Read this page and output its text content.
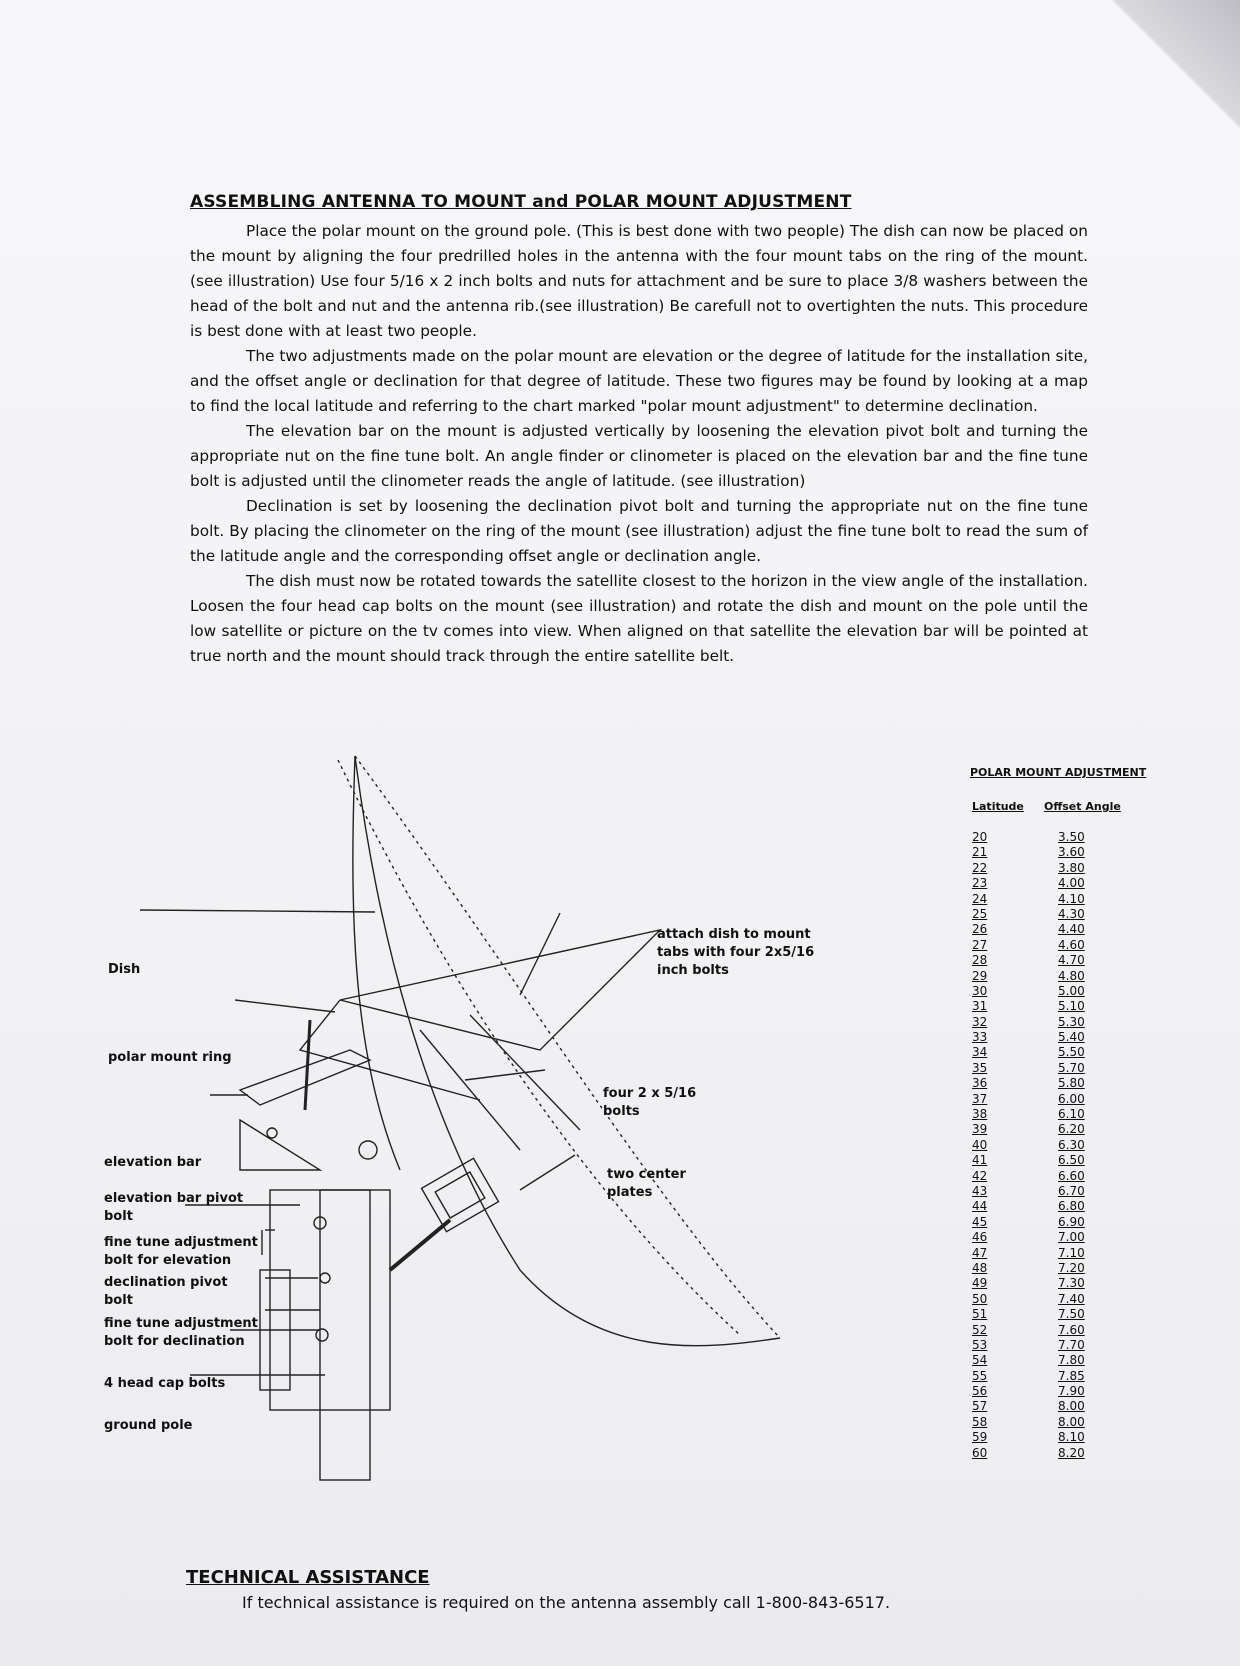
ASSEMBLING ANTENNA TO MOUNT and POLAR MOUNT ADJUSTMENT

Place the polar mount on the ground pole. (This is best done with two people) The dish can now be placed on the mount by aligning the four predrilled holes in the antenna with the four mount tabs on the ring of the mount. (see illustration) Use four 5/16 x 2 inch bolts and nuts for attachment and be sure to place 3/8 washers between the head of the bolt and nut and the antenna rib.(see illustration) Be carefull not to overtighten the nuts. This procedure is best done with at least two people.

The two adjustments made on the polar mount are elevation or the degree of latitude for the installation site, and the offset angle or declination for that degree of latitude. These two figures may be found by looking at a map to find the local latitude and referring to the chart marked "polar mount adjustment" to determine declination.

The elevation bar on the mount is adjusted vertically by loosening the elevation pivot bolt and turning the appropriate nut on the fine tune bolt. An angle finder or clinometer is placed on the elevation bar and the fine tune bolt is adjusted until the clinometer reads the angle of latitude. (see illustration)

Declination is set by loosening the declination pivot bolt and turning the appropriate nut on the fine tune bolt. By placing the clinometer on the ring of the mount (see illustration) adjust the fine tune bolt to read the sum of the latitude angle and the corresponding offset angle or declination angle.

The dish must now be rotated towards the satellite closest to the horizon in the view angle of the installation. Loosen the four head cap bolts on the mount (see illustration) and rotate the dish and mount on the pole until the low satellite or picture on the tv comes into view. When aligned on that satellite the elevation bar will be pointed at true north and the mount should track through the entire satellite belt.

Dish
polar mount ring
elevation bar
elevation bar pivot
bolt
fine tune adjustment
bolt for elevation
declination pivot
bolt
fine tune adjustment
bolt for declination
4 head cap bolts
ground pole
attach dish to mount
tabs with four 2x5/16
inch bolts
four 2 x 5/16
bolts
two center
plates
POLAR MOUNT ADJUSTMENT
Latitude Offset Angle
20
21
22
23
24
25
26
27
28
29
30
31
32
33
34
35
36
37
38
39
40
41
42
43
44
45
46
47
48
49
50
51
52
53
54
55
56
57
58
59
60
3.50
3.60
3.80
4.00
4.10
4.30
4.40
4.60
4.70
4.80
5.00
5.10
5.30
5.40
5.50
5.70
5.80
6.00
6.10
6.20
6.30
6.50
6.60
6.70
6.80
6.90
7.00
7.10
7.20
7.30
7.40
7.50
7.60
7.70
7.80
7.85
7.90
8.00
8.00
8.10
8.20
TECHNICAL ASSISTANCE
If technical assistance is required on the antenna assembly call 1-800-843-6517.
